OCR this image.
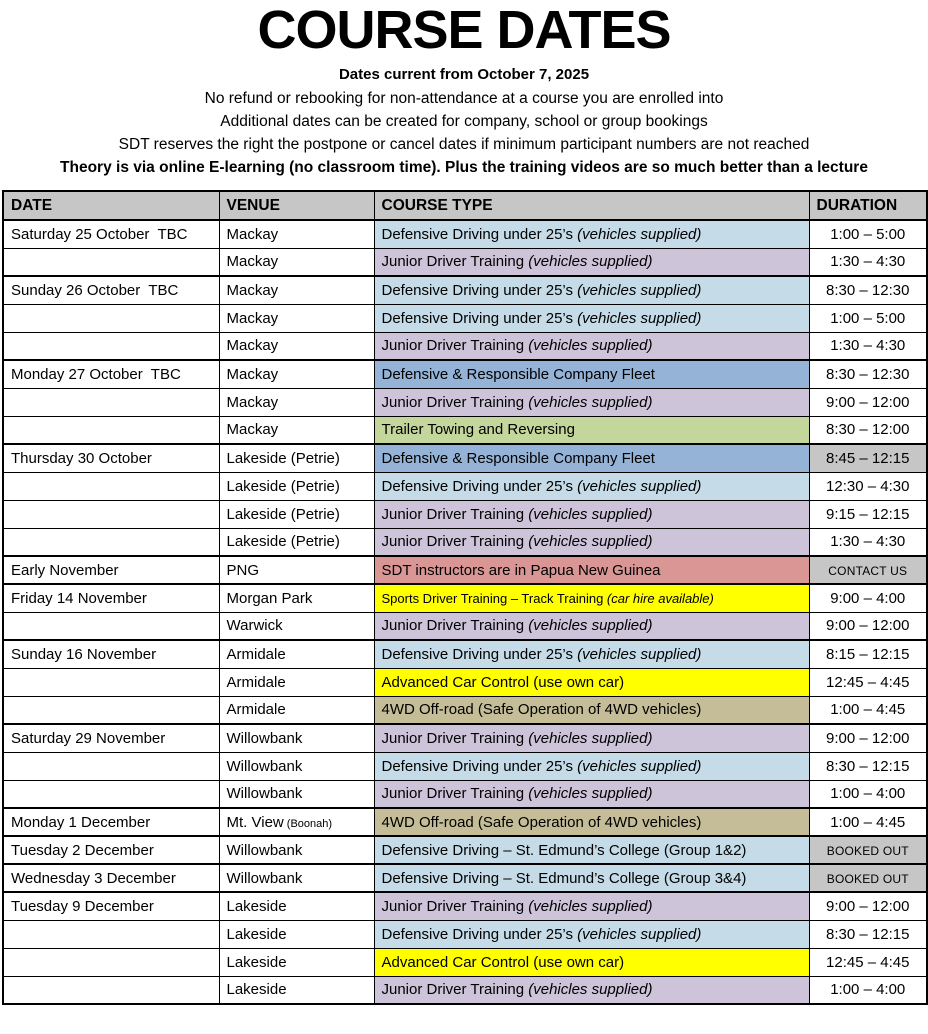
COURSE DATES
Dates current from October 7, 2025
No refund or rebooking for non-attendance at a course you are enrolled into
Additional dates can be created for company, school or group bookings
SDT reserves the right the postpone or cancel dates if minimum participant numbers are not reached
Theory is via online E-learning (no classroom time). Plus the training videos are so much better than a lecture
DATE	VENUE	COURSE TYPE	DURATION
Saturday 25 October  TBC	Mackay	Defensive Driving under 25’s (vehicles supplied)	1:00 – 5:00
	Mackay	Junior Driver Training (vehicles supplied)	1:30 – 4:30
Sunday 26 October  TBC	Mackay	Defensive Driving under 25’s (vehicles supplied)	8:30 – 12:30
	Mackay	Defensive Driving under 25’s (vehicles supplied)	1:00 – 5:00
	Mackay	Junior Driver Training (vehicles supplied)	1:30 – 4:30
Monday 27 October  TBC	Mackay	Defensive & Responsible Company Fleet	8:30 – 12:30
	Mackay	Junior Driver Training (vehicles supplied)	9:00 – 12:00
	Mackay	Trailer Towing and Reversing	8:30 – 12:00
Thursday 30 October	Lakeside (Petrie)	Defensive & Responsible Company Fleet	8:45 – 12:15
	Lakeside (Petrie)	Defensive Driving under 25’s (vehicles supplied)	12:30 – 4:30
	Lakeside (Petrie)	Junior Driver Training (vehicles supplied)	9:15 – 12:15
	Lakeside (Petrie)	Junior Driver Training (vehicles supplied)	1:30 – 4:30
Early November	PNG	SDT instructors are in Papua New Guinea	CONTACT US
Friday 14 November	Morgan Park	Sports Driver Training – Track Training (car hire available)	9:00 – 4:00
	Warwick	Junior Driver Training (vehicles supplied)	9:00 – 12:00
Sunday 16 November	Armidale	Defensive Driving under 25’s (vehicles supplied)	8:15 – 12:15
	Armidale	Advanced Car Control (use own car)	12:45 – 4:45
	Armidale	4WD Off-road (Safe Operation of 4WD vehicles)	1:00 – 4:45
Saturday 29 November	Willowbank	Junior Driver Training (vehicles supplied)	9:00 – 12:00
	Willowbank	Defensive Driving under 25’s (vehicles supplied)	8:30 – 12:15
	Willowbank	Junior Driver Training (vehicles supplied)	1:00 – 4:00
Monday 1 December	Mt. View (Boonah)	4WD Off-road (Safe Operation of 4WD vehicles)	1:00 – 4:45
Tuesday 2 December	Willowbank	Defensive Driving – St. Edmund’s College (Group 1&2)	BOOKED OUT
Wednesday 3 December	Willowbank	Defensive Driving – St. Edmund’s College (Group 3&4)	BOOKED OUT
Tuesday 9 December	Lakeside	Junior Driver Training (vehicles supplied)	9:00 – 12:00
	Lakeside	Defensive Driving under 25’s (vehicles supplied)	8:30 – 12:15
	Lakeside	Advanced Car Control (use own car)	12:45 – 4:45
	Lakeside	Junior Driver Training (vehicles supplied)	1:00 – 4:00
